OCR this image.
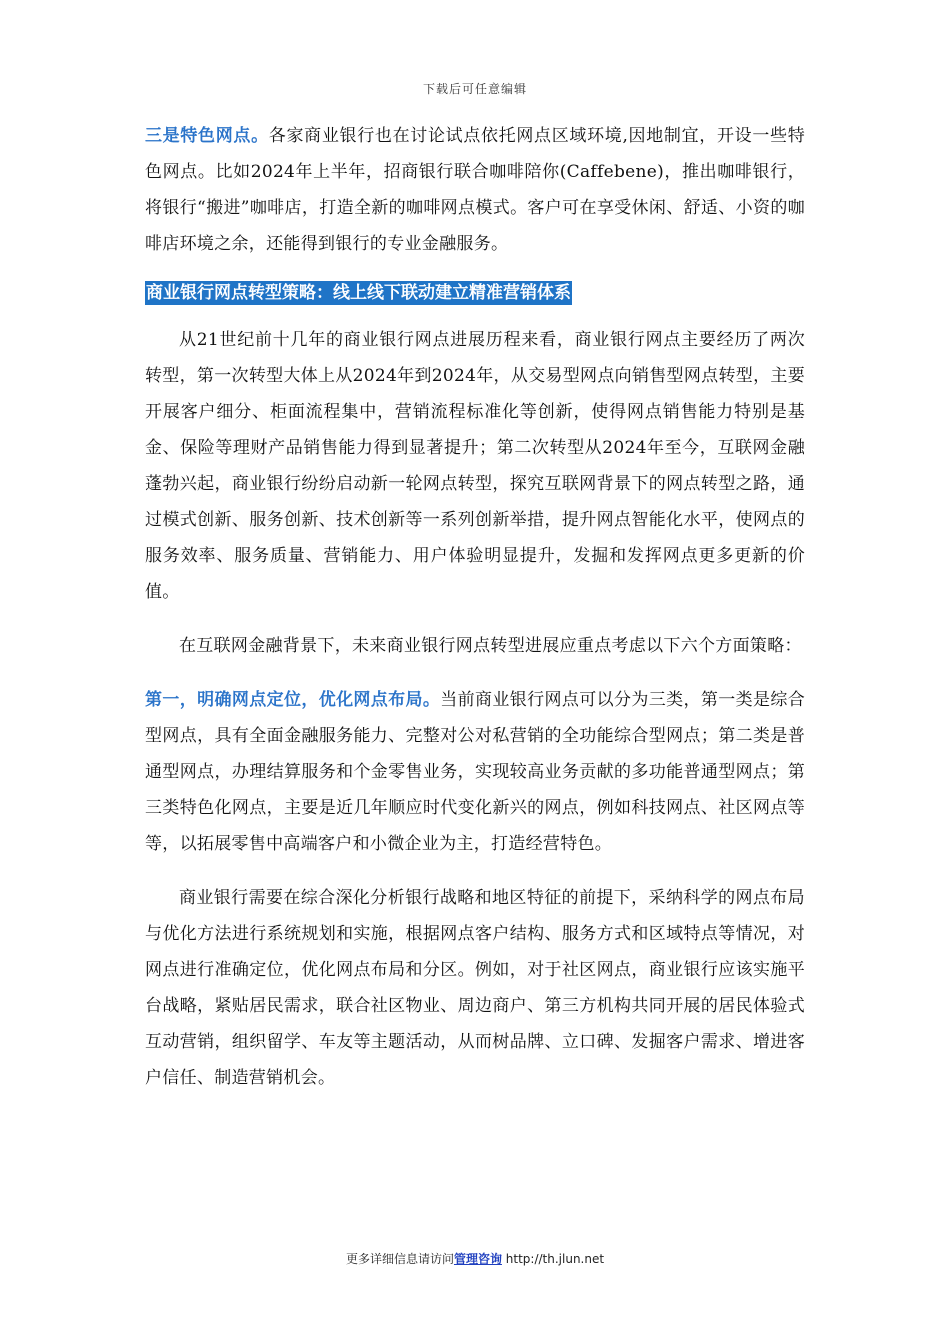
下载后可任意编辑

三是特色网点。各家商业银行也在讨论试点依托网点区域环境,因地制宜，开设一些特色网点。比如2024年上半年，招商银行联合咖啡陪你(Caffebene)，推出咖啡银行，将银行“搬进”咖啡店，打造全新的咖啡网点模式。客户可在享受休闲、舒适、小资的咖啡店环境之余，还能得到银行的专业金融服务。

商业银行网点转型策略：线上线下联动建立精准营销体系

从21世纪前十几年的商业银行网点进展历程来看，商业银行网点主要经历了两次转型，第一次转型大体上从2024年到2024年，从交易型网点向销售型网点转型，主要开展客户细分、柜面流程集中，营销流程标准化等创新，使得网点销售能力特别是基金、保险等理财产品销售能力得到显著提升；第二次转型从2024年至今，互联网金融蓬勃兴起，商业银行纷纷启动新一轮网点转型，探究互联网背景下的网点转型之路，通过模式创新、服务创新、技术创新等一系列创新举措，提升网点智能化水平，使网点的服务效率、服务质量、营销能力、用户体验明显提升，发掘和发挥网点更多更新的价值。

在互联网金融背景下，未来商业银行网点转型进展应重点考虑以下六个方面策略：

第一，明确网点定位，优化网点布局。当前商业银行网点可以分为三类，第一类是综合型网点，具有全面金融服务能力、完整对公对私营销的全功能综合型网点；第二类是普通型网点，办理结算服务和个金零售业务，实现较高业务贡献的多功能普通型网点；第三类特色化网点，主要是近几年顺应时代变化新兴的网点，例如科技网点、社区网点等等，以拓展零售中高端客户和小微企业为主，打造经营特色。

商业银行需要在综合深化分析银行战略和地区特征的前提下，采纳科学的网点布局与优化方法进行系统规划和实施，根据网点客户结构、服务方式和区域特点等情况，对网点进行准确定位，优化网点布局和分区。例如，对于社区网点，商业银行应该实施平台战略，紧贴居民需求，联合社区物业、周边商户、第三方机构共同开展的居民体验式互动营销，组织留学、车友等主题活动，从而树品牌、立口碑、发掘客户需求、增进客户信任、制造营销机会。

更多详细信息请访问管理咨询 http://th.jlun.net
